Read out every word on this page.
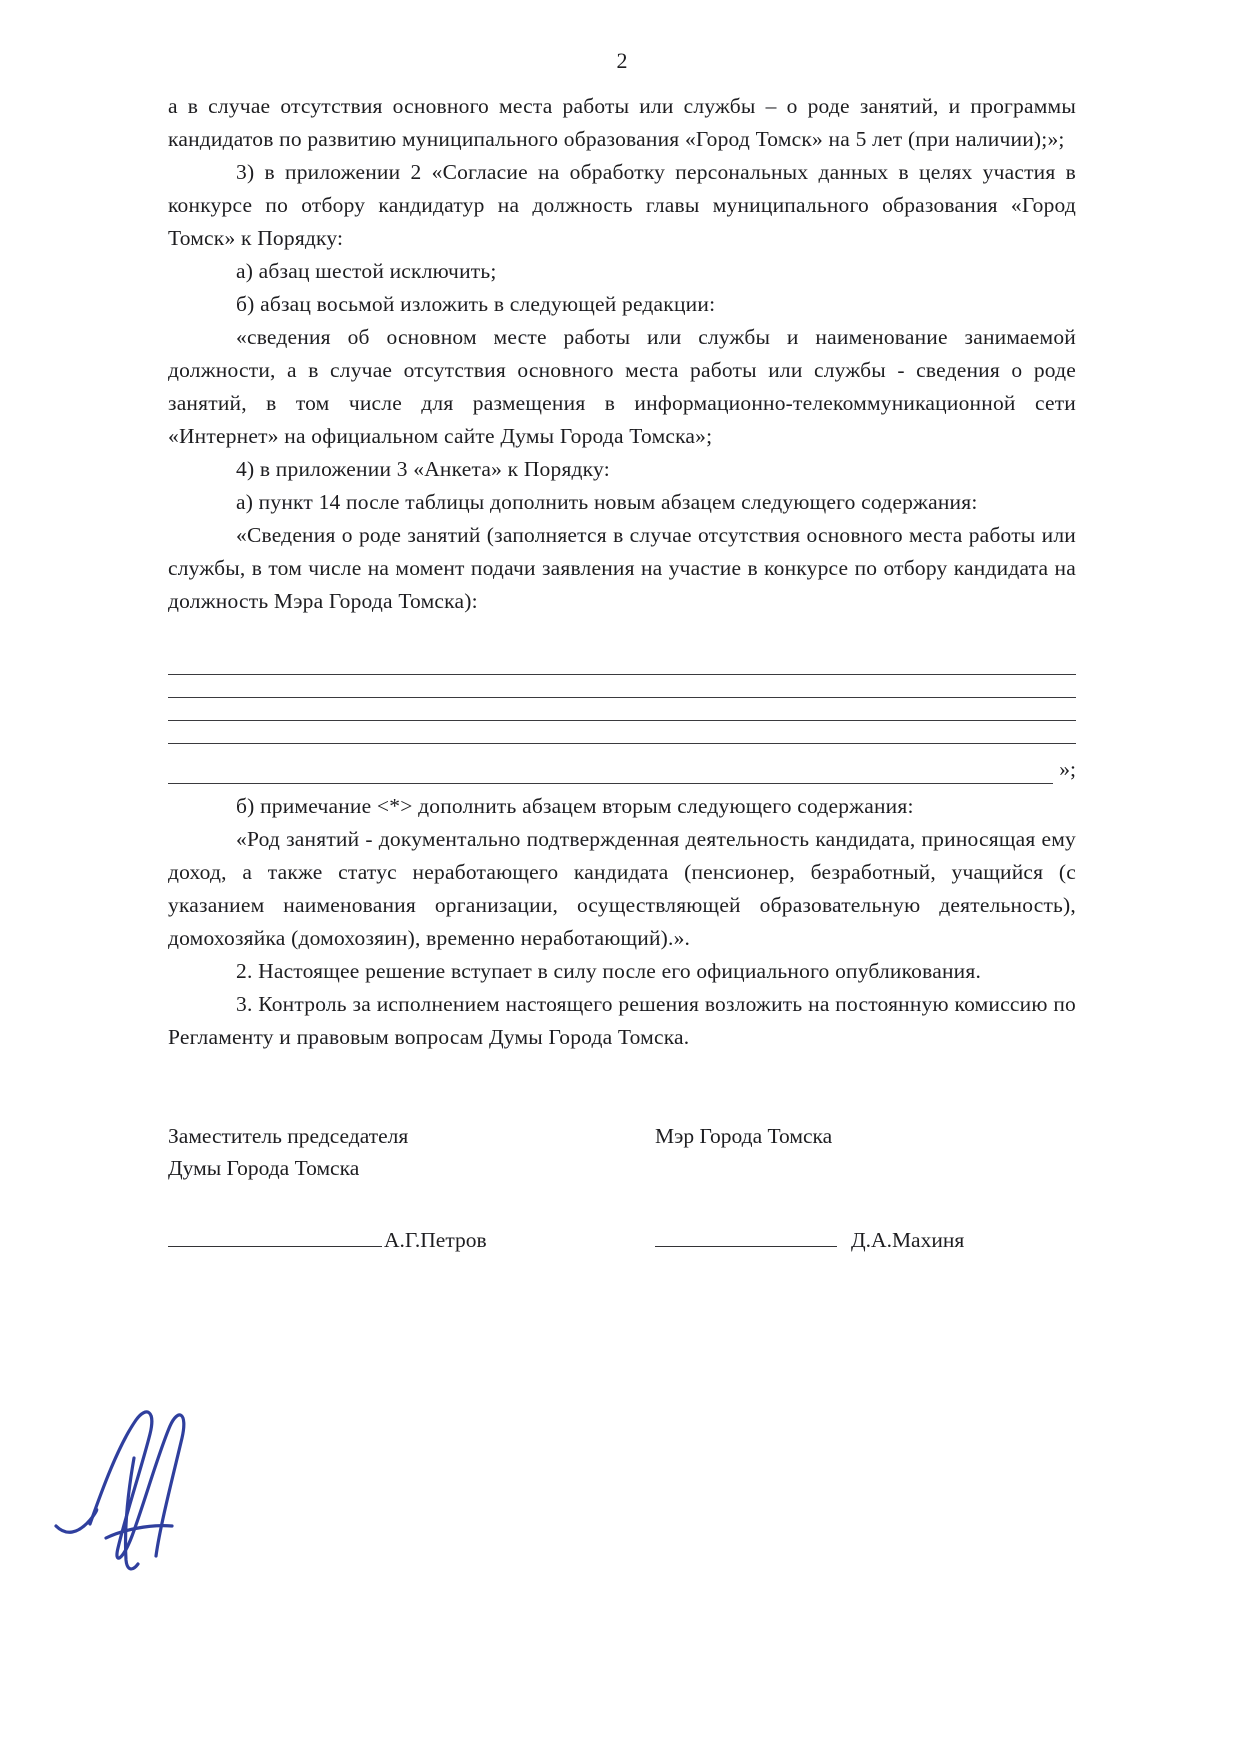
2

а в случае отсутствия основного места работы или службы – о роде занятий, и программы кандидатов по развитию муниципального образования «Город Томск» на 5 лет (при наличии);»;

3) в приложении 2 «Согласие на обработку персональных данных в целях участия в конкурсе по отбору кандидатур на должность главы муниципального образования «Город Томск» к Порядку:

а) абзац шестой исключить;

б) абзац восьмой изложить в следующей редакции:

«сведения об основном месте работы или службы и наименование занимаемой должности, а в случае отсутствия основного места работы или службы - сведения о роде занятий, в том числе для размещения в информационно-телекоммуникационной сети «Интернет» на официальном сайте Думы Города Томска»;

4) в приложении 3 «Анкета» к Порядку:

а) пункт 14 после таблицы дополнить новым абзацем следующего содержания:

«Сведения о роде занятий (заполняется в случае отсутствия основного места работы или службы, в том числе на момент подачи заявления на участие в конкурсе по отбору кандидата на должность Мэра Города Томска):

»;

б) примечание <*> дополнить абзацем вторым следующего содержания:

«Род занятий - документально подтвержденная деятельность кандидата, приносящая ему доход, а также статус неработающего кандидата (пенсионер, безработный, учащийся (с указанием наименования организации, осуществляющей образовательную деятельность), домохозяйка (домохозяин), временно неработающий).».

2. Настоящее решение вступает в силу после его официального опубликования.

3. Контроль за исполнением настоящего решения возложить на постоянную комиссию по Регламенту и правовым вопросам Думы Города Томска.

Заместитель председателя
Думы Города Томска
Мэр Города Томска
А.Г.Петров	Д.А.Махиня
